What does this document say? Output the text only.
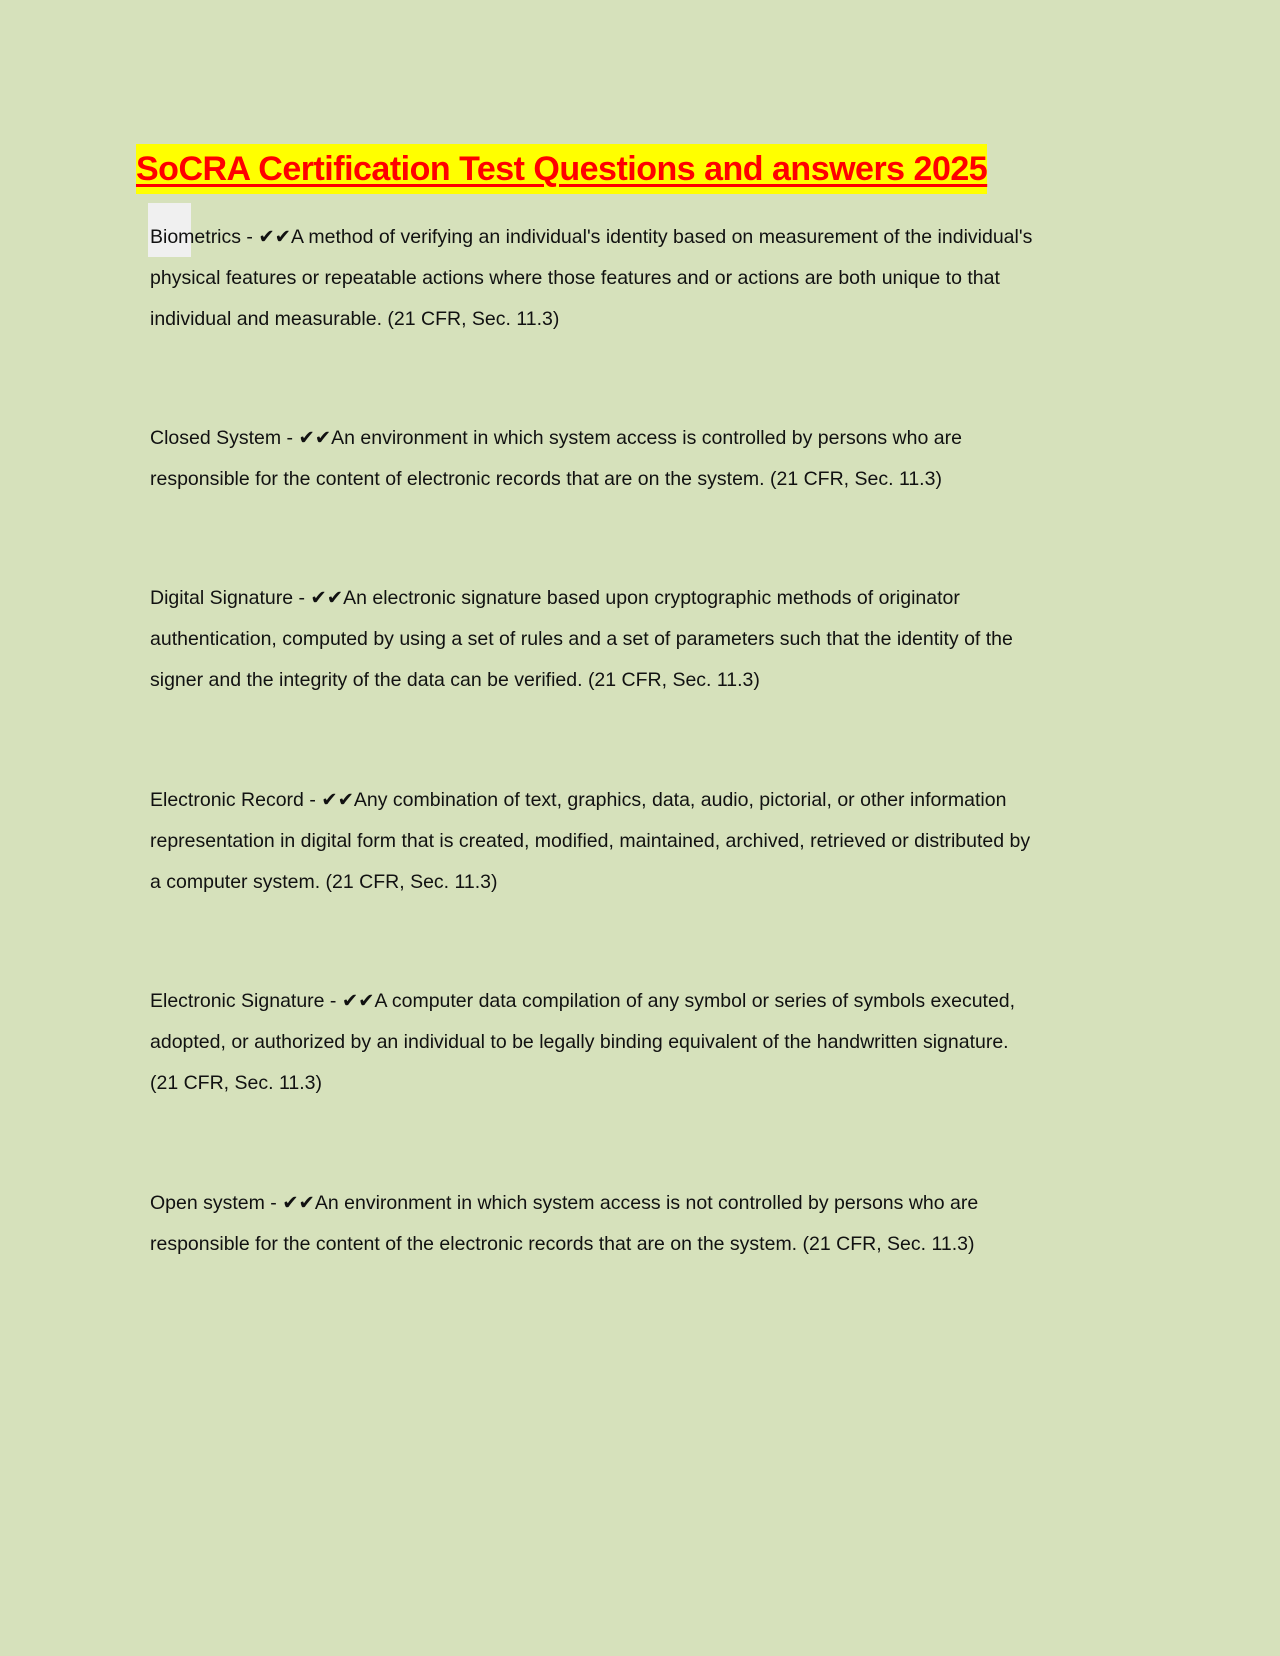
SoCRA Certification Test Questions and answers 2025
Biometrics - ✔✔A method of verifying an individual's identity based on measurement of the individual's
physical features or repeatable actions where those features and or actions are both unique to that
individual and measurable. (21 CFR, Sec. 11.3)
Closed System - ✔✔An environment in which system access is controlled by persons who are
responsible for the content of electronic records that are on the system. (21 CFR, Sec. 11.3)
Digital Signature - ✔✔An electronic signature based upon cryptographic methods of originator
authentication, computed by using a set of rules and a set of parameters such that the identity of the
signer and the integrity of the data can be verified. (21 CFR, Sec. 11.3)
Electronic Record - ✔✔Any combination of text, graphics, data, audio, pictorial, or other information
representation in digital form that is created, modified, maintained, archived, retrieved or distributed by
a computer system. (21 CFR, Sec. 11.3)
Electronic Signature - ✔✔A computer data compilation of any symbol or series of symbols executed,
adopted, or authorized by an individual to be legally binding equivalent of the handwritten signature.
(21 CFR, Sec. 11.3)
Open system - ✔✔An environment in which system access is not controlled by persons who are
responsible for the content of the electronic records that are on the system. (21 CFR, Sec. 11.3)
